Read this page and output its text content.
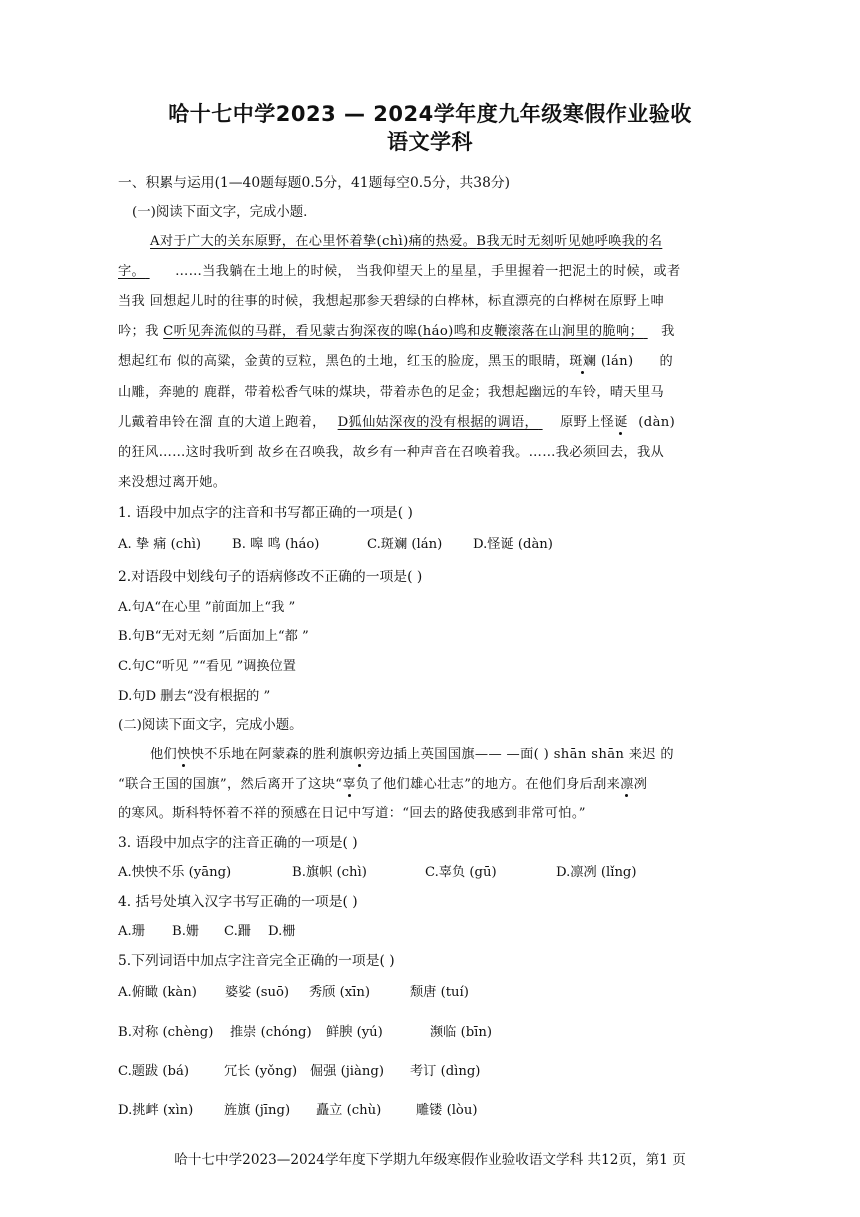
哈十七中学2023 — 2024学年度九年级寒假作业验收
语文学科
一、积累与运用(1—40题每题0.5分，41题每空0.5分，共38分)
(一)阅读下面文字，完成小题.
A对于广大的关东原野，在心里怀着挚(chì)痛的热爱。B我无时无刻听见她呼唤我的名
字。 ……当我躺在土地上的时候， 当我仰望天上的星星，手里握着一把泥土的时候，或者
当我 回想起儿时的往事的时候，我想起那参天碧绿的白桦林，标直漂亮的白桦树在原野上呻
吟；我 C听见奔流似的马群，看见蒙古狗深夜的嗥(háo)鸣和皮鞭滚落在山涧里的脆响； 我
想起红布 似的高粱，金黄的豆粒，黑色的土地，红玉的脸庞，黑玉的眼睛，斑斓 (lán) 的
山雕，奔驰的 鹿群，带着松香气味的煤块，带着赤色的足金；我想起幽远的车铃，晴天里马
儿戴着串铃在溜 直的大道上跑着， D狐仙姑深夜的没有根据的调语， 原野上怪诞 (dàn)
的狂风……这时我听到 故乡在召唤我，故乡有一种声音在召唤着我。……我必须回去，我从
来没想过离开她。
1. 语段中加点字的注音和书写都正确的一项是( )
A. 挚 痛 (chì) B. 嗥 鸣 (háo)	C.斑斓 (lán) D.怪诞 (dàn)
2.对语段中划线句子的语病修改不正确的一项是( )
A.句A“在心里 ”前面加上“我 ”
B.句B“无对无刻 ”后面加上“都 ”
C.句C“听见 ”“看见 ”调换位置
D.句D 删去“没有根据的 ”
(二)阅读下面文字，完成小题。
他们怏怏不乐地在阿蒙森的胜利旗帜旁边插上英国国旗—— —面( ) shān shān 来迟 的
“联合王国的国旗”，然后离开了这块“辜负了他们雄心壮志”的地方。在他们身后刮来凛冽
的寒风。斯科特怀着不祥的预感在日记中写道：“回去的路使我感到非常可怕。”
3. 语段中加点字的注音正确的一项是( )
A.怏怏不乐 (yāng)	B.旗帜 (chì)	C.辜负 (gū)	D.凛冽 (lǐng)
4. 括号处填入汉字书写正确的一项是( )
A.珊 B.姗 C.跚 D.栅
5.下列词语中加点字注音完全正确的一项是( )
A.俯瞰 (kàn) 婆娑 (suō) 秀颀 (xīn)	颓唐 (tuí)
B.对称 (chèng) 推崇 (chóng) 鲜腴 (yú)	濒临 (bīn)
C.题跋 (bá)	冗长 (yǒng) 倔强 (jiàng) 考订 (dìng)
D.挑衅 (xìn) 旌旗 (jīng) 矗立 (chù)	雕镂 (lòu)
哈十七中学2023—2024学年度下学期九年级寒假作业验收语文学科 共12页，第1 页
